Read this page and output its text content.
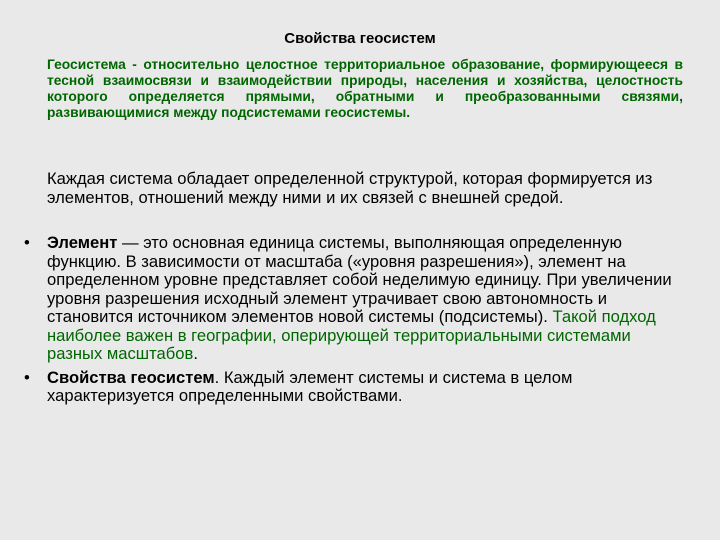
Свойства геосистем
Геосистема - относительно целостное территориальное образование, формирующееся в тесной взаимосвязи и взаимодействии природы, населения и хозяйства, целостность которого определяется прямыми, обратными и преобразованными связями, развивающимися между подсистемами геосистемы.
Каждая система обладает определенной структурой, которая формируется из элементов, отношений между ними и их связей с внешней средой.
• Элемент — это основная единица системы, выполняющая определенную функцию. В зависимости от масштаба («уровня разрешения»), элемент на определенном уровне представляет собой неделимую единицу. При увеличении уровня разрешения исходный элемент утрачивает свою автономность и становится источником элементов новой системы (подсистемы). Такой подход наиболее важен в географии, оперирующей территориальными системами разных масштабов.
• Свойства геосистем. Каждый элемент системы и система в целом характеризуется определенными свойствами.
